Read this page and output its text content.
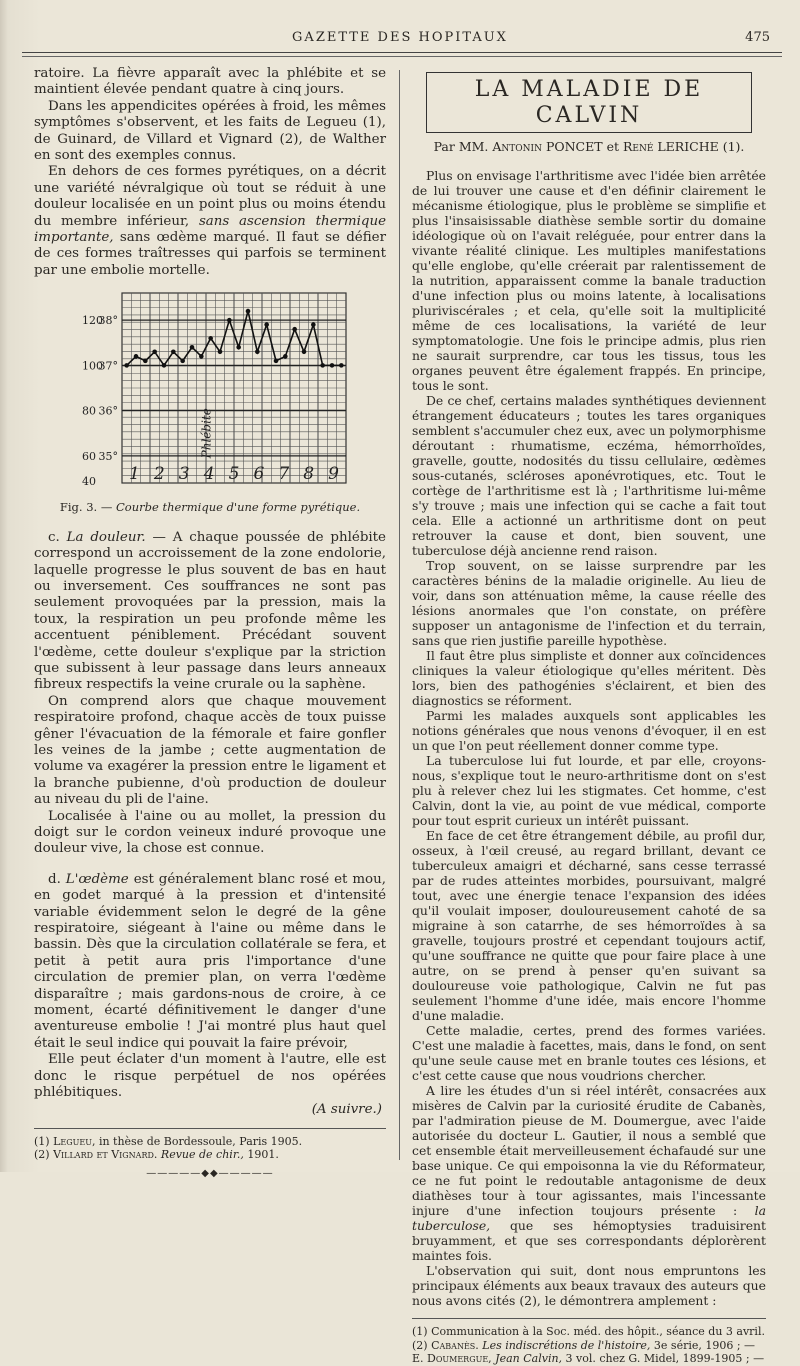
GAZETTE DES HOPITAUX	475

ratoire. La fièvre apparaît avec la phlébite et se maintient élevée pendant quatre à cinq jours.

Dans les appendicites opérées à froid, les mêmes symptômes s'observent, et les faits de Legueu (1), de Guinard, de Villard et Vignard (2), de Walther en sont des exemples connus.

En dehors de ces formes pyrétiques, on a décrit une variété névralgique où tout se réduit à une douleur localisée en un point plus ou moins étendu du membre inférieur, sans ascension thermique importante, sans œdème marqué. Il faut se défier de ces formes traîtresses qui parfois se terminent par une embolie mortelle.

38°
37°
36°
35°
120
100
80
60
40 1 2 3 4 5 6 7 8 9
Phlébite

Fig. 3. — Courbe thermique d'une forme pyrétique.

c. La douleur. — A chaque poussée de phlébite correspond un accroissement de la zone endolorie, laquelle progresse le plus souvent de bas en haut ou inversement. Ces souffrances ne sont pas seulement provoquées par la pression, mais la toux, la respiration un peu profonde même les accentuent péniblement. Précédant souvent l'œdème, cette douleur s'explique par la striction que subissent à leur passage dans leurs anneaux fibreux respectifs la veine crurale ou la saphène.

On comprend alors que chaque mouvement respiratoire profond, chaque accès de toux puisse gêner l'évacuation de la fémorale et faire gonfler les veines de la jambe ; cette augmentation de volume va exagérer la pression entre le ligament et la branche pubienne, d'où production de douleur au niveau du pli de l'aine.

Localisée à l'aine ou au mollet, la pression du doigt sur le cordon veineux induré provoque une douleur vive, la chose est connue.

d. L'œdème est généralement blanc rosé et mou, en godet marqué à la pression et d'intensité variable évidemment selon le degré de la gêne respiratoire, siégeant à l'aine ou même dans le bassin. Dès que la circulation collatérale se fera, et petit à petit aura pris l'importance d'une circulation de premier plan, on verra l'œdème disparaître ; mais gardons-nous de croire, à ce moment, écarté définitivement le danger d'une aventureuse embolie ! J'ai montré plus haut quel était le seul indice qui pouvait la faire prévoir,

Elle peut éclater d'un moment à l'autre, elle est donc le risque perpétuel de nos opérées phlébitiques.

(A suivre.)

(1) Legueu, in thèse de Bordessoule, Paris 1905.

(2) Villard et Vignard. Revue de chir., 1901.

—————◆◆—————
LA MALADIE DE CALVIN
Par MM. Antonin PONCET et René LERICHE (1).

Plus on envisage l'arthritisme avec l'idée bien arrêtée de lui trouver une cause et d'en définir clairement le mécanisme étiologique, plus le problème se simplifie et plus l'insaisissable diathèse semble sortir du domaine idéologique où on l'avait reléguée, pour entrer dans la vivante réalité clinique. Les multiples manifestations qu'elle englobe, qu'elle créerait par ralentissement de la nutrition, apparaissent comme la banale traduction d'une infection plus ou moins latente, à localisations pluriviscérales ; et cela, qu'elle soit la multiplicité même de ces localisations, la variété de leur symptomatologie. Une fois le principe admis, plus rien ne saurait surprendre, car tous les tissus, tous les organes peuvent être également frappés. En principe, tous le sont.

De ce chef, certains malades synthétiques deviennent étrangement éducateurs ; toutes les tares organiques semblent s'accumuler chez eux, avec un polymorphisme déroutant : rhumatisme, eczéma, hémorrhoïdes, gravelle, goutte, nodosités du tissu cellulaire, œdèmes sous-cutanés, scléroses aponévrotiques, etc. Tout le cortège de l'arthritisme est là ; l'arthritisme lui-même s'y trouve ; mais une infection qui se cache a fait tout cela. Elle a actionné un arthritisme dont on peut retrouver la cause et dont, bien souvent, une tuberculose déjà ancienne rend raison.

Trop souvent, on se laisse surprendre par les caractères bénins de la maladie originelle. Au lieu de voir, dans son atténuation même, la cause réelle des lésions anormales que l'on constate, on préfère supposer un antagonisme de l'infection et du terrain, sans que rien justifie pareille hypothèse.

Il faut être plus simpliste et donner aux coïncidences cliniques la valeur étiologique qu'elles méritent. Dès lors, bien des pathogénies s'éclairent, et bien des diagnostics se réforment.

Parmi les malades auxquels sont applicables les notions générales que nous venons d'évoquer, il en est un que l'on peut réellement donner comme type.

La tuberculose lui fut lourde, et par elle, croyons-nous, s'explique tout le neuro-arthritisme dont on s'est plu à relever chez lui les stigmates. Cet homme, c'est Calvin, dont la vie, au point de vue médical, comporte pour tout esprit curieux un intérêt puissant.

En face de cet être étrangement débile, au profil dur, osseux, à l'œil creusé, au regard brillant, devant ce tuberculeux amaigri et décharné, sans cesse terrassé par de rudes atteintes morbides, poursuivant, malgré tout, avec une énergie tenace l'expansion des idées qu'il voulait imposer, douloureusement cahoté de sa migraine à son catarrhe, de ses hémorroïdes à sa gravelle, toujours prostré et cependant toujours actif, qu'une souffrance ne quitte que pour faire place à une autre, on se prend à penser qu'en suivant sa douloureuse voie pathologique, Calvin ne fut pas seulement l'homme d'une idée, mais encore l'homme d'une maladie.

Cette maladie, certes, prend des formes variées. C'est une maladie à facettes, mais, dans le fond, on sent qu'une seule cause met en branle toutes ces lésions, et c'est cette cause que nous voudrions chercher.

A lire les études d'un si réel intérêt, consacrées aux misères de Calvin par la curiosité érudite de Cabanès, par l'admiration pieuse de M. Doumergue, avec l'aide autorisée du docteur L. Gautier, il nous a semblé que cet ensemble était merveilleusement échafaudé sur une base unique. Ce qui empoisonna la vie du Réformateur, ce ne fut point le redoutable antagonisme de deux diathèses tour à tour agissantes, mais l'incessante injure d'une infection toujours présente : la tuberculose, que ses hémoptysies traduisirent bruyamment, et que ses correspondants déplorèrent maintes fois.

L'observation qui suit, dont nous empruntons les principaux éléments aux beaux travaux des auteurs que nous avons cités (2), le démontrera amplement :

(1) Communication à la Soc. méd. des hôpit., séance du 3 avril.

(2) Cabanès. Les indiscrétions de l'histoire, 3e série, 1906 ; —

E. Doumergue, Jean Calvin, 3 vol. chez G. Midel, 1899-1905 ; —
